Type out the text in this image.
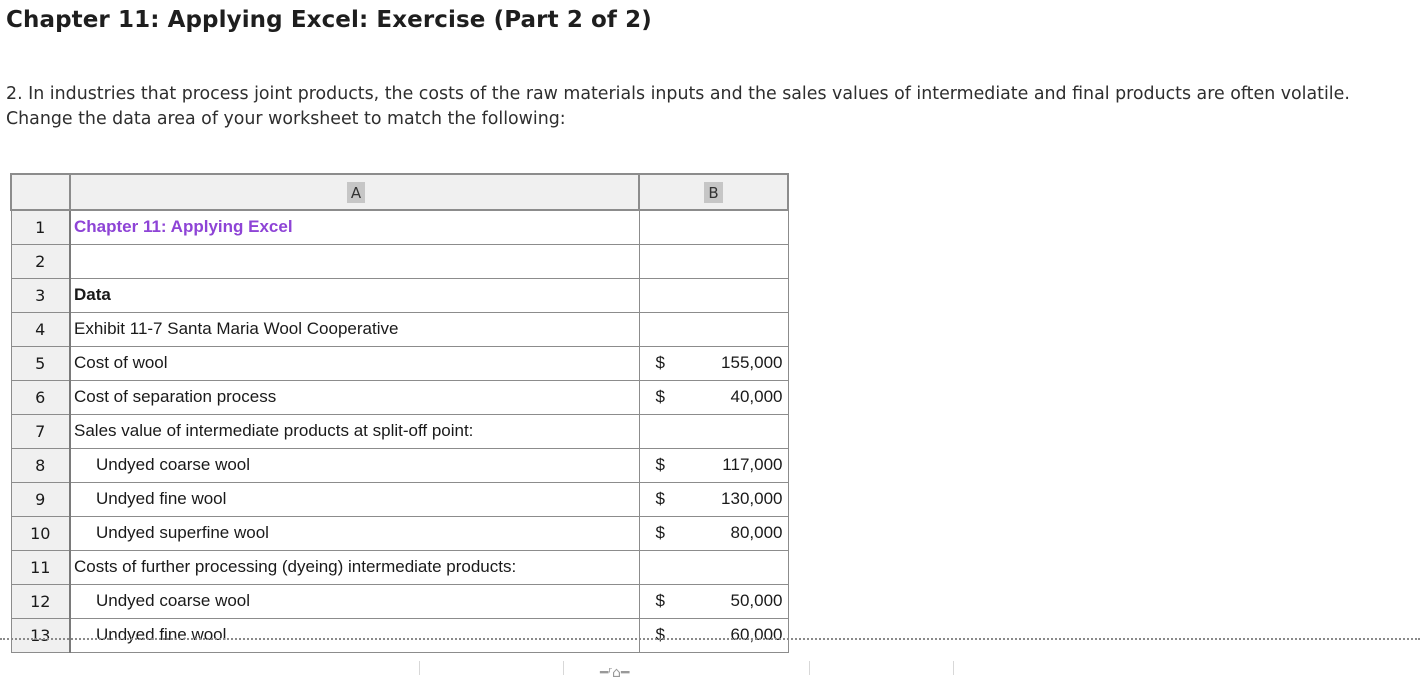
Chapter 11: Applying Excel: Exercise (Part 2 of 2)

2. In industries that process joint products, the costs of the raw materials inputs and the sales values of intermediate and final products are often volatile. Change the data area of your worksheet to match the following:

	A	B
1	Chapter 11: Applying Excel	
2		
3	Data	
4	Exhibit 11-7 Santa Maria Wool Cooperative	
5	Cost of wool	$ 155,000

6	Cost of separation process	$ 40,000

7	Sales value of intermediate products at split-off point:	
8	Undyed coarse wool	$ 117,000

9	Undyed fine wool	$ 130,000

10	Undyed superfine wool	$ 80,000

11	Costs of further processing (dyeing) intermediate products:	
12	Undyed coarse wool	$ 50,000

13	Undyed fine wool	$ 60,000
━ʳ⌂━
